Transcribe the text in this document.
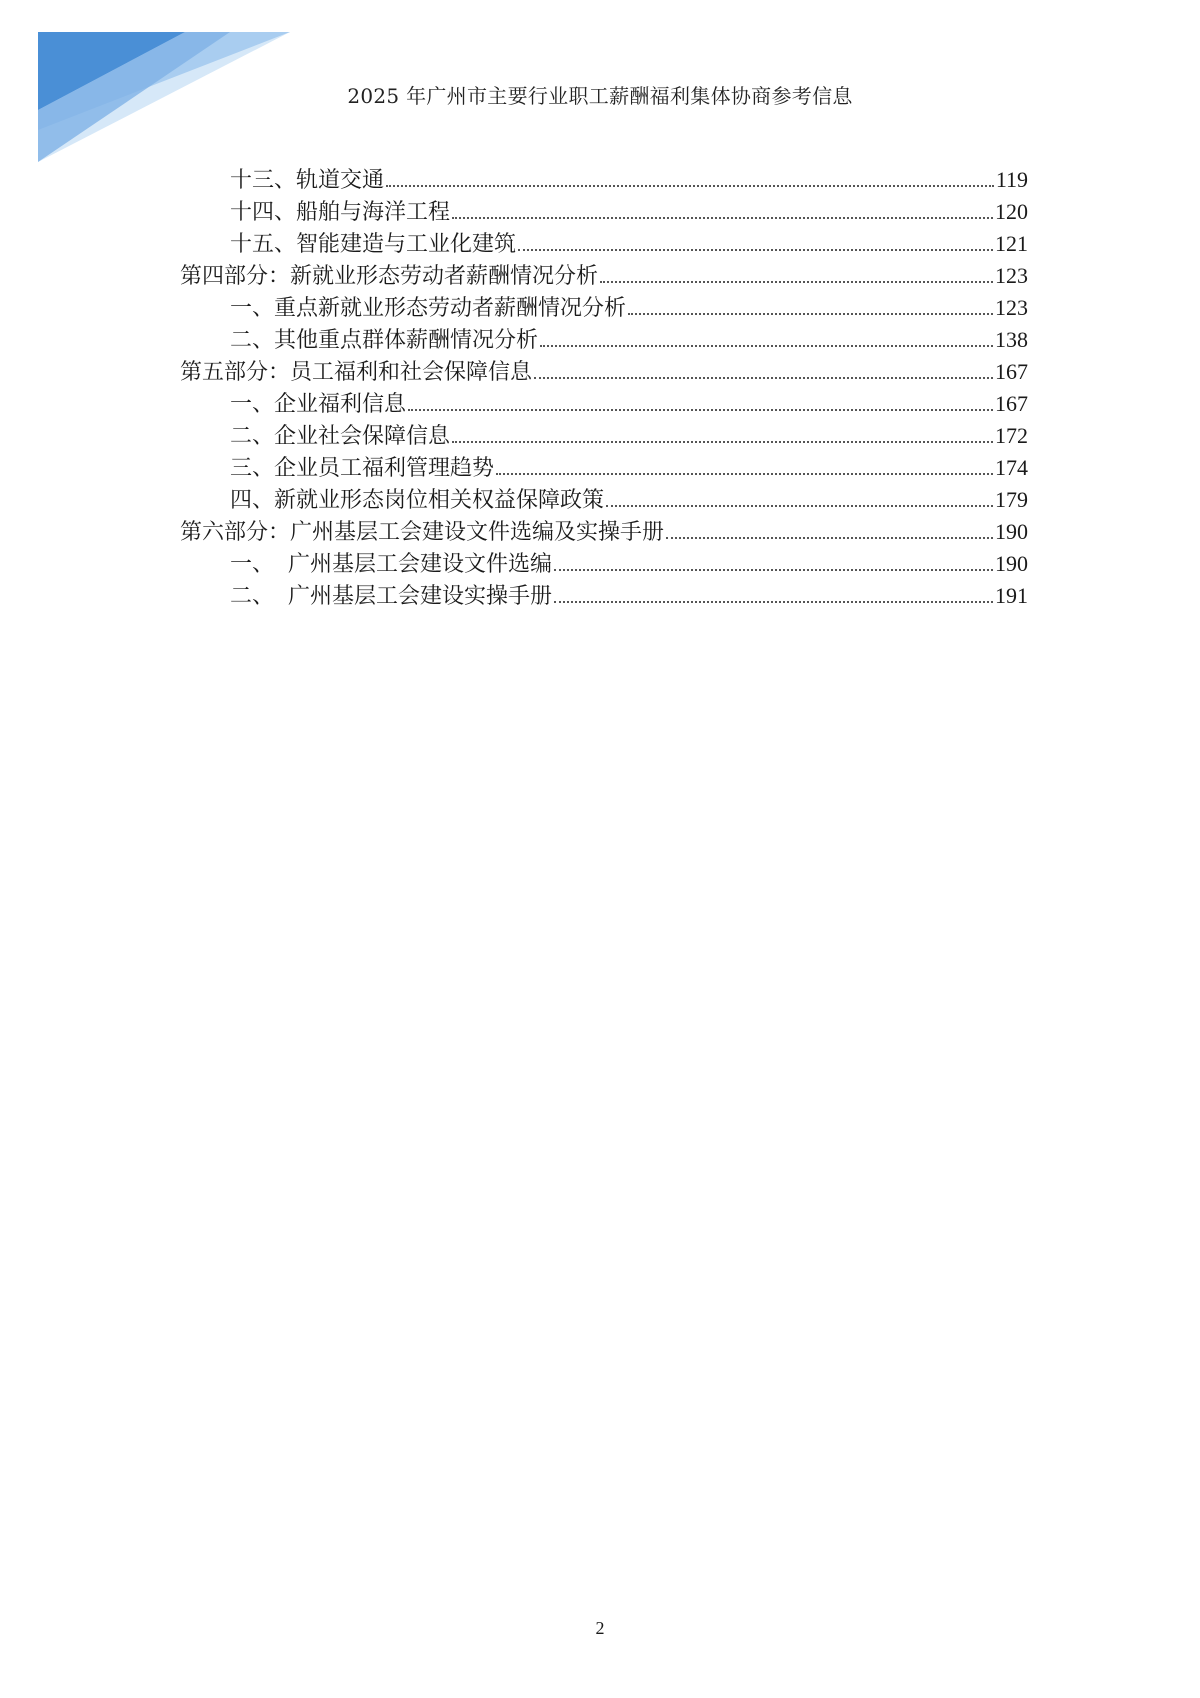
2025 年广州市主要行业职工薪酬福利集体协商参考信息
十三、轨道交通	119
十四、船舶与海洋工程	120
十五、智能建造与工业化建筑	121
第四部分：新就业形态劳动者薪酬情况分析	123
一、重点新就业形态劳动者薪酬情况分析	123
二、其他重点群体薪酬情况分析	138
第五部分：员工福利和社会保障信息	167
一、企业福利信息	167
二、企业社会保障信息	172
三、企业员工福利管理趋势	174
四、新就业形态岗位相关权益保障政策	179
第六部分：广州基层工会建设文件选编及实操手册	190
一、  广州基层工会建设文件选编	190
二、  广州基层工会建设实操手册	191
2
